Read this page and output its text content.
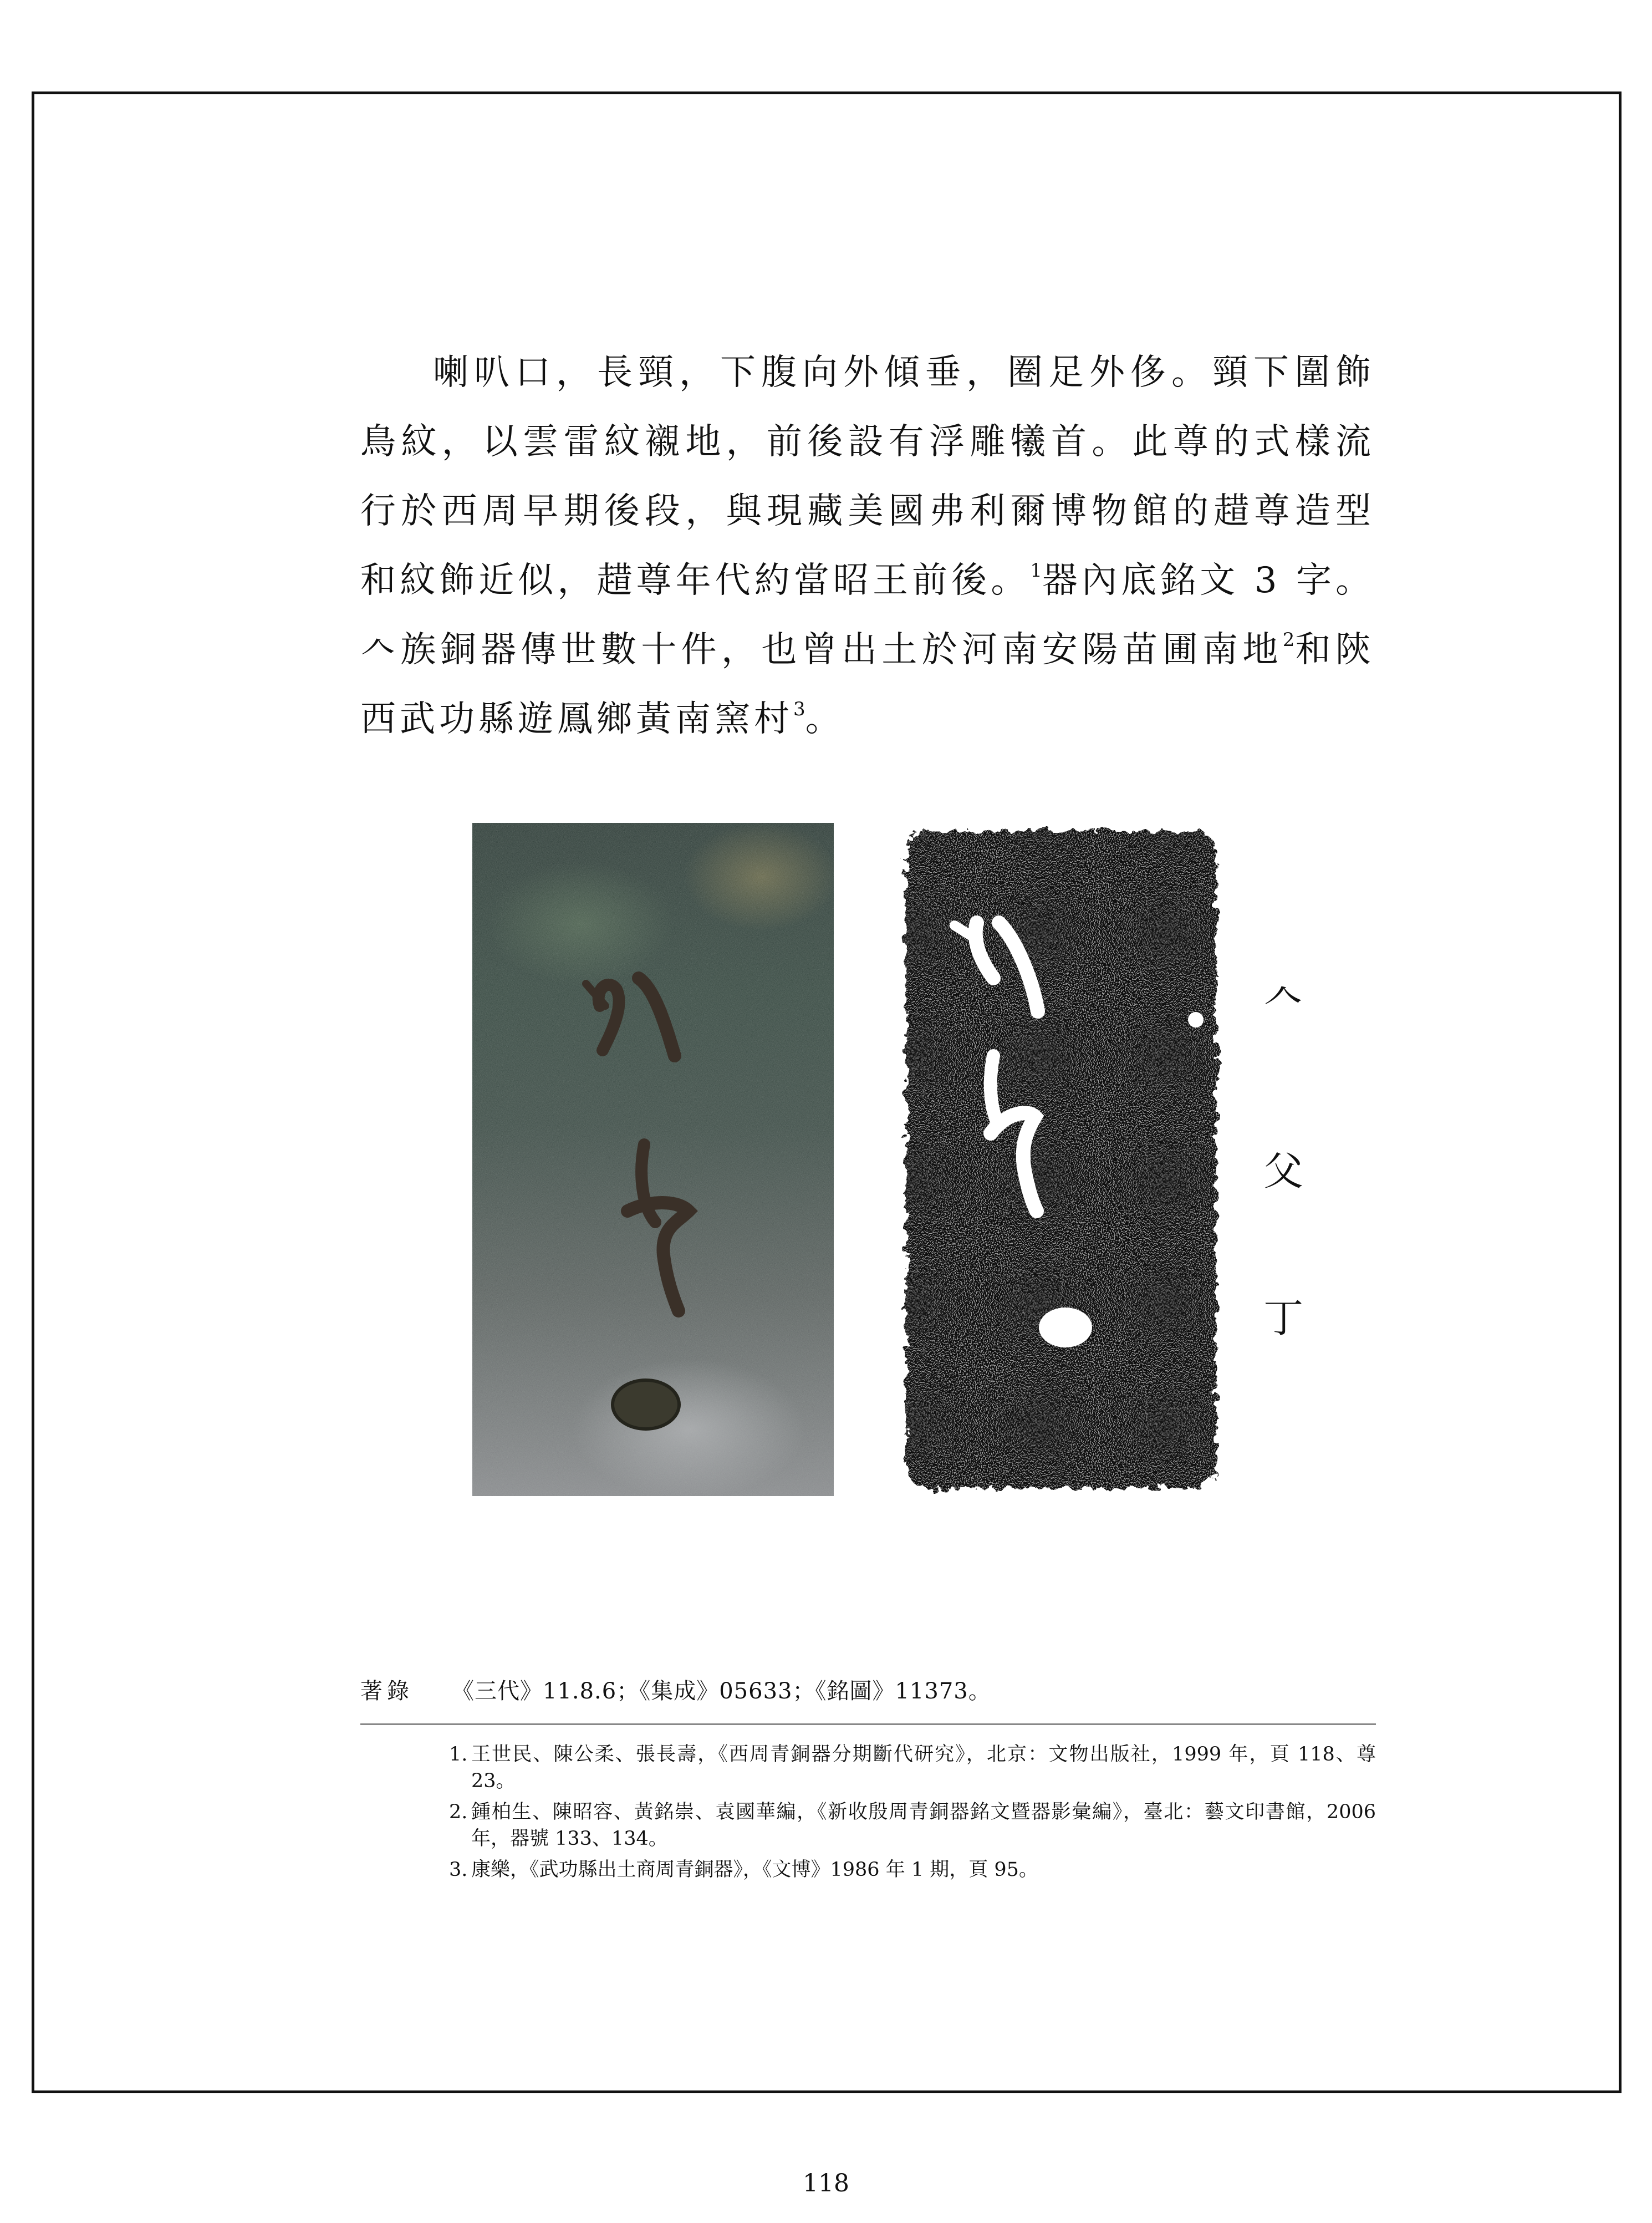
喇叭口，長頸，下腹向外傾垂，圈足外侈。頸下圍飾鳥紋，以雲雷紋襯地，前後設有浮雕犧首。此尊的式樣流行於西周早期後段，與現藏美國弗利爾博物館的趞尊造型和紋飾近似，趞尊年代約當昭王前後。$^1$器內底銘文 3 字。𠆢族銅器傳世數十件，也曾出土於河南安陽苗圃南地$^2$和陝西武功縣遊鳳鄉黃南窯村$^3$。

𠆢
父
丁
著錄 《三代》11.8.6；《集成》05633；《銘圖》11373。
1. 王世民、陳公柔、張長壽，《西周青銅器分期斷代研究》，北京：文物出版社，1999 年，頁 118、尊 23。
2. 鍾柏生、陳昭容、黃銘崇、袁國華編，《新收殷周青銅器銘文暨器影彙編》，臺北：藝文印書館，2006 年，器號 133、134。
3. 康樂，《武功縣出土商周青銅器》，《文博》1986 年 1 期，頁 95。
118
